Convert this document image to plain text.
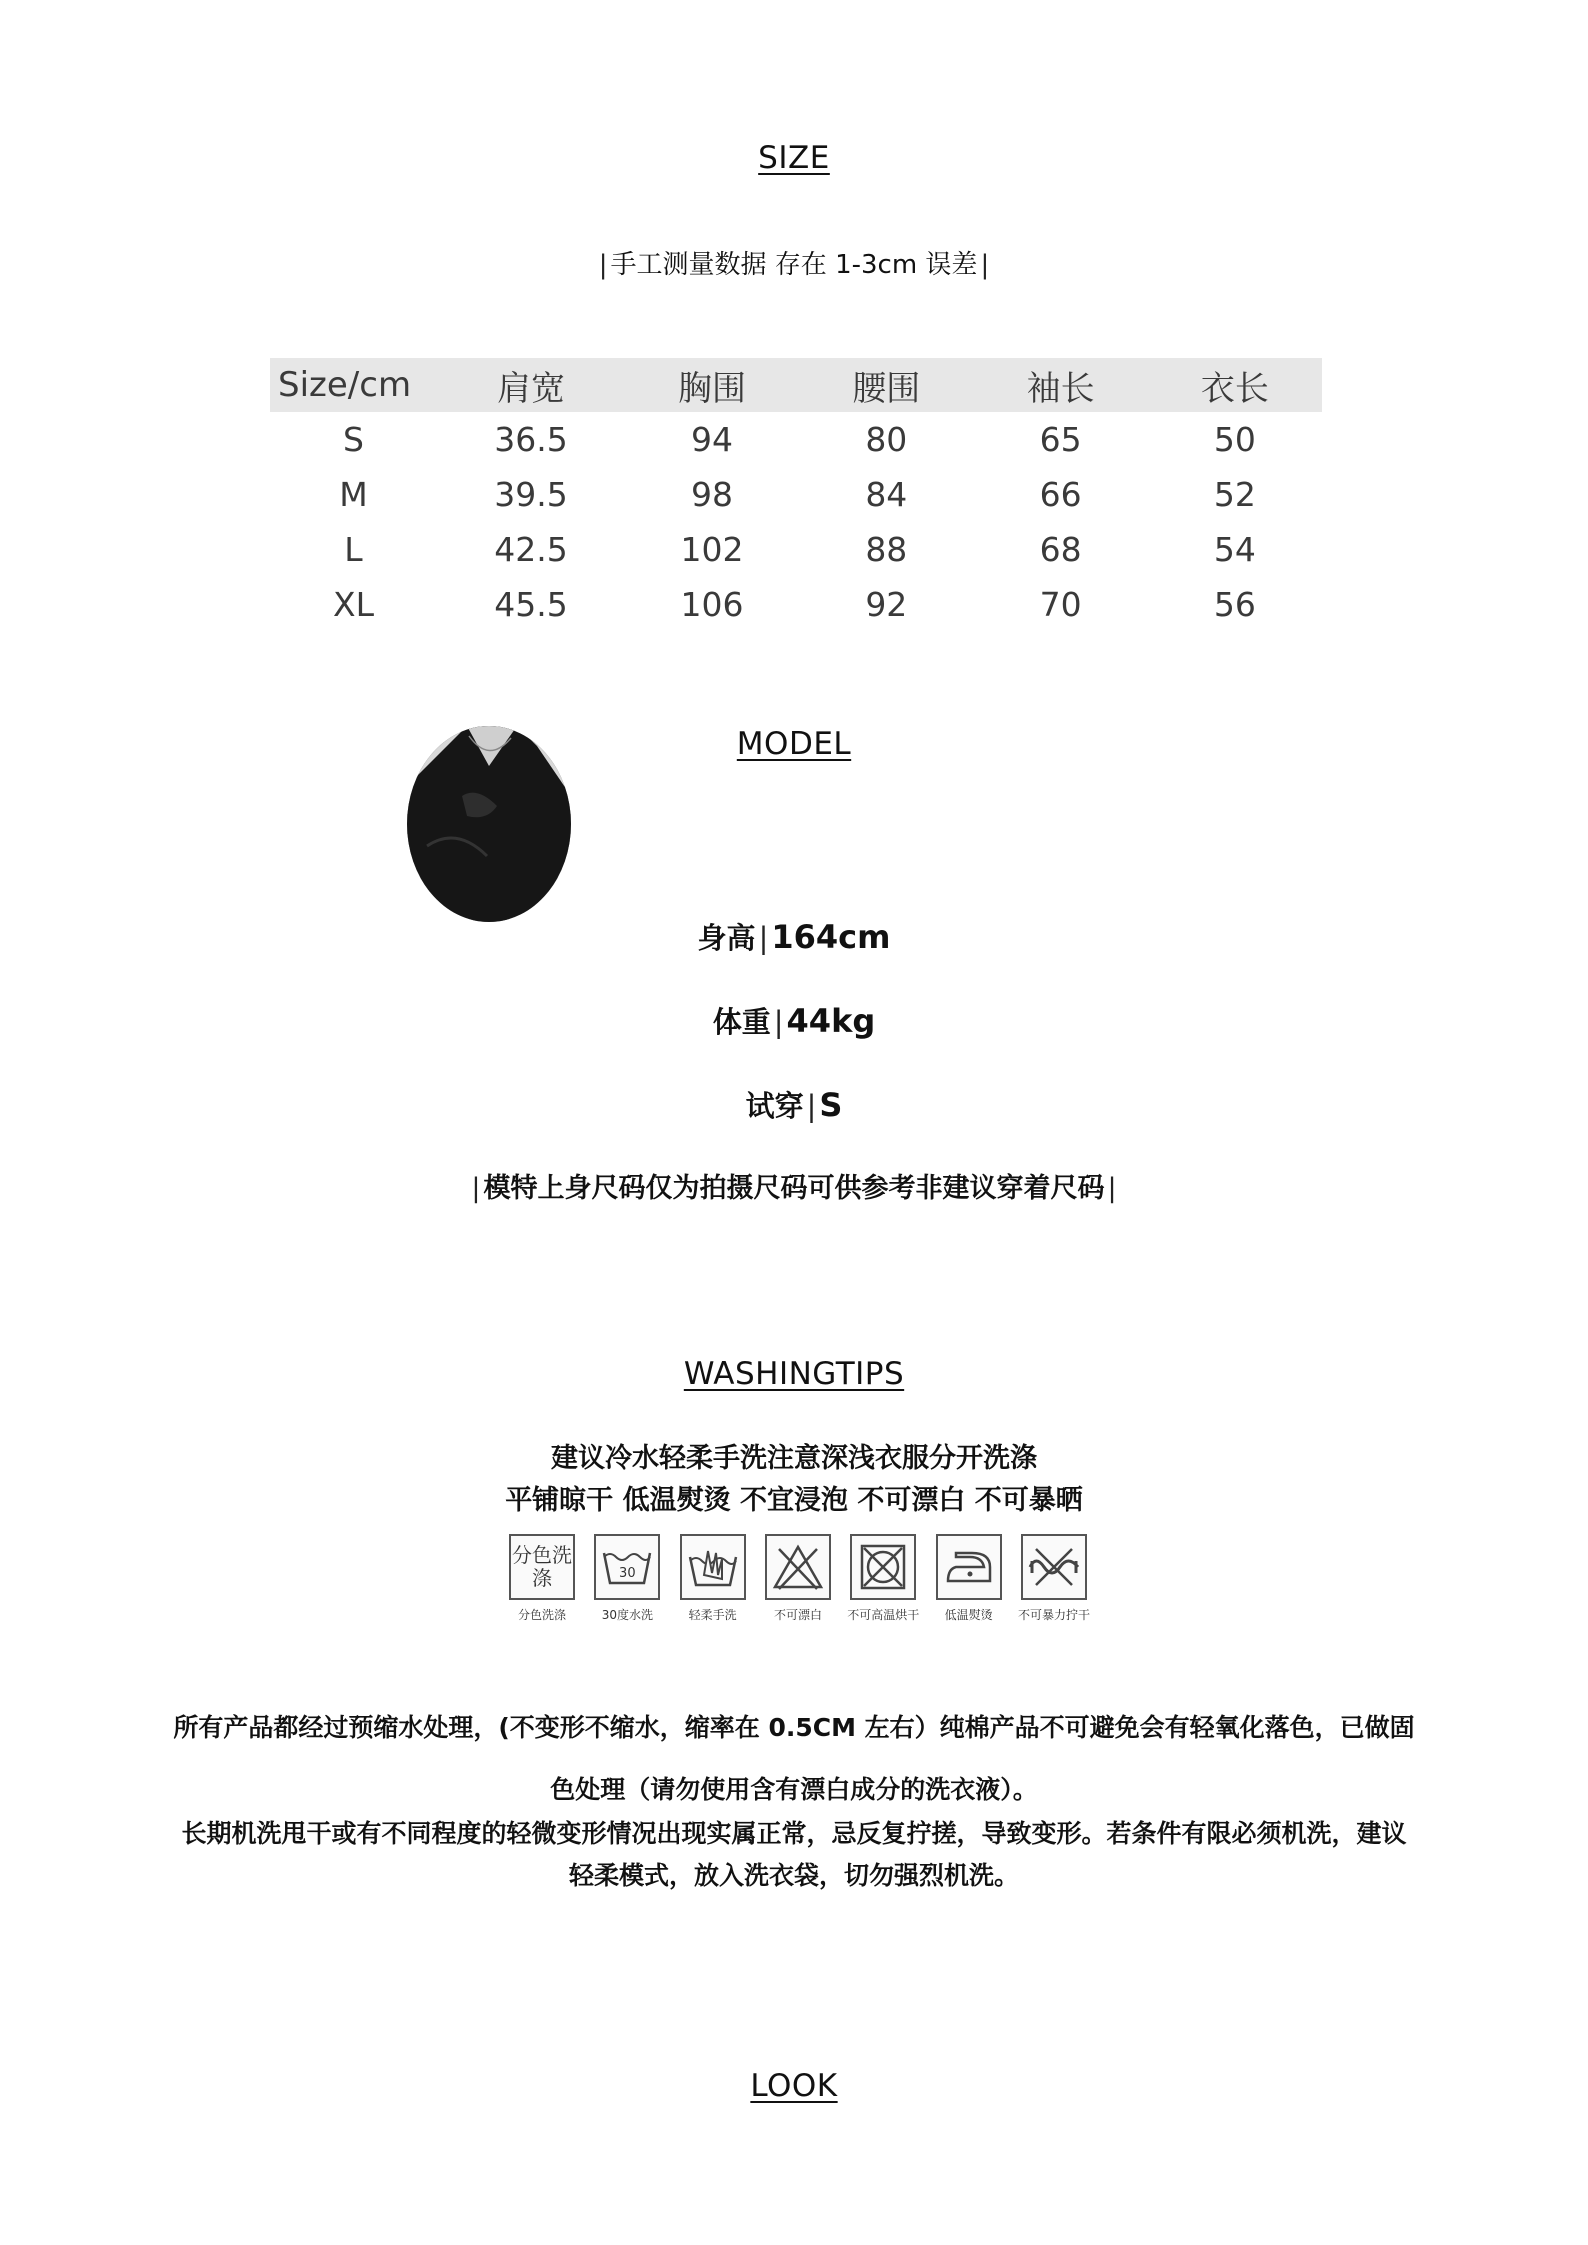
SIZE
| 手工测量数据 存在 1-3cm 误差 |
Size/cm	肩宽	胸围	腰围	袖长	衣长
S	36.5	94	80	65	50
M	39.5	98	84	66	52
L	42.5	102	88	68	54
XL	45.5	106	92	70	56
MODEL
身高 |164cm
体重 |44kg
试穿 |S
| 模特上身尺码仅为拍摄尺码可供参考非建议穿着尺码 |
WASHINGTIPS
建议冷水轻柔手洗注意深浅衣服分开洗涤
平铺晾干 低温熨烫 不宜浸泡 不可漂白 不可暴晒
分色洗涤
分色洗涤
30
30度水洗	轻柔手洗	不可漂白 不可高温烘干 低温熨烫 不可暴力拧干
所有产品都经过预缩水处理，(不变形不缩水，缩率在 0.5CM 左右）纯棉产品不可避免会有轻氧化落色，已做固
色处理（请勿使用含有漂白成分的洗衣液）。
长期机洗甩干或有不同程度的轻微变形情况出现实属正常，忌反复拧搓，导致变形。若条件有限必须机洗，建议
轻柔模式，放入洗衣袋，切勿强烈机洗。
LOOK
